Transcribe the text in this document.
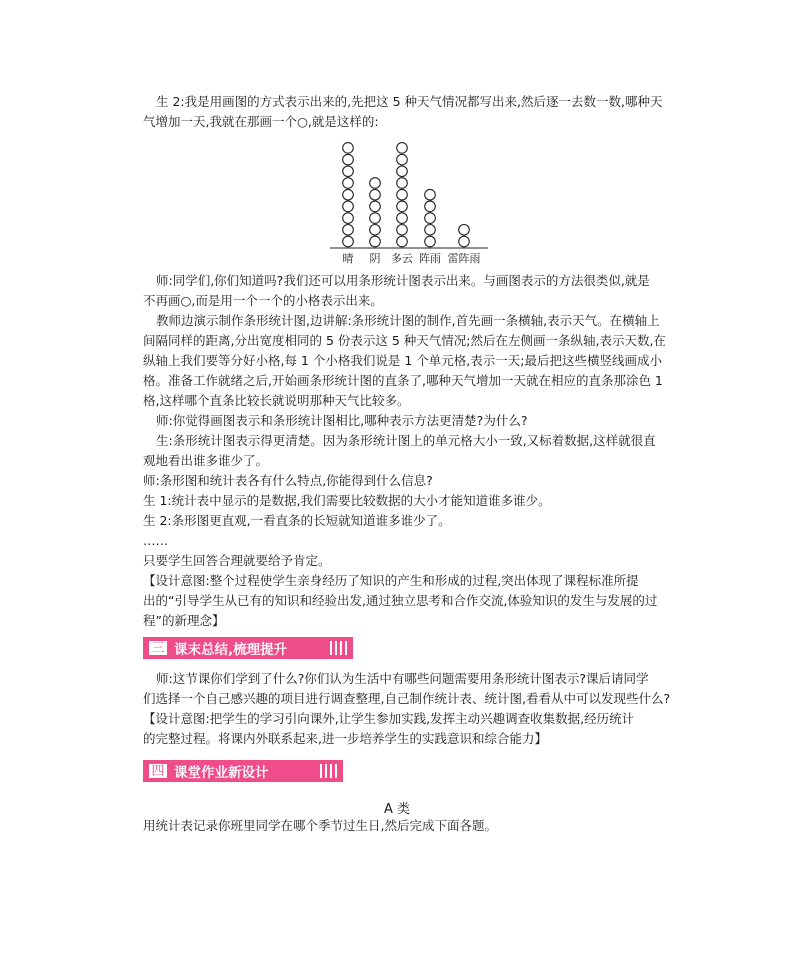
生 2:我是用画图的方式表示出来的,先把这 5 种天气情况都写出来,然后逐一去数一数,哪种天
气增加一天,我就在那画一个○,就是这样的:
晴 阴 多云 阵雨 雷阵雨
师:同学们,你们知道吗?我们还可以用条形统计图表示出来。与画图表示的方法很类似,就是
不再画○,而是用一个一个的小格表示出来。
教师边演示制作条形统计图,边讲解:条形统计图的制作,首先画一条横轴,表示天气。在横轴上
间隔同样的距离,分出宽度相同的 5 份表示这 5 种天气情况;然后在左侧画一条纵轴,表示天数,在
纵轴上我们要等分好小格,每 1 个小格我们说是 1 个单元格,表示一天;最后把这些横竖线画成小
格。准备工作就绪之后,开始画条形统计图的直条了,哪种天气增加一天就在相应的直条那涂色 1
格,这样哪个直条比较长就说明那种天气比较多。
师:你觉得画图表示和条形统计图相比,哪种表示方法更清楚?为什么?
生:条形统计图表示得更清楚。因为条形统计图上的单元格大小一致,又标着数据,这样就很直
观地看出谁多谁少了。
师:条形图和统计表各有什么特点,你能得到什么信息?
生 1:统计表中显示的是数据,我们需要比较数据的大小才能知道谁多谁少。
生 2:条形图更直观,一看直条的长短就知道谁多谁少了。
……
只要学生回答合理就要给予肯定。
【设计意图:整个过程使学生亲身经历了知识的产生和形成的过程,突出体现了课程标准所提
出的“引导学生从已有的知识和经验出发,通过独立思考和合作交流,体验知识的发生与发展的过
程”的新理念】
三 课末总结,梳理提升
师:这节课你们学到了什么?你们认为生活中有哪些问题需要用条形统计图表示?课后请同学
们选择一个自己感兴趣的项目进行调查整理,自己制作统计表、统计图,看看从中可以发现些什么?
【设计意图:把学生的学习引向课外,让学生参加实践,发挥主动兴趣调查收集数据,经历统计
的完整过程。将课内外联系起来,进一步培养学生的实践意识和综合能力】
四 课堂作业新设计
A 类
用统计表记录你班里同学在哪个季节过生日,然后完成下面各题。
